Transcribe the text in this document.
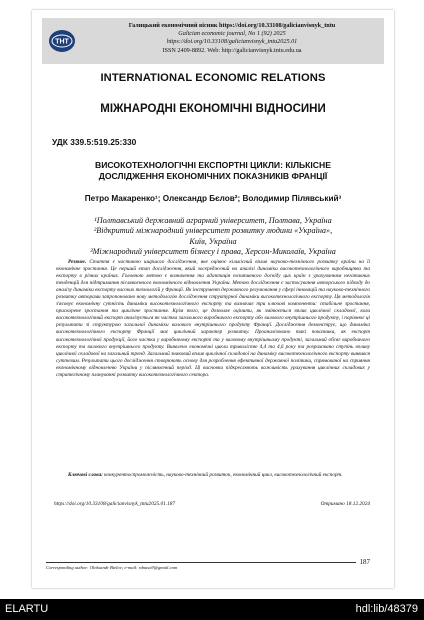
ТНТ
Галицький економічний вісник https://doi.org/10.33108/galicianvisnyk_tntu
Galician economic journal, No 1 (92) 2025
https://doi.org/10.33108/galicianvisnyk_tntu2025.01
ISSN 2409-8892. Web: http://galicianvisnyk.tntu.edu.ua
INTERNATIONAL ECONOMIC RELATIONS
МІЖНАРОДНІ ЕКОНОМІЧНІ ВІДНОСИНИ
УДК 339.5:519.25:330
ВИСОКОТЕХНОЛОГІЧНІ ЕКСПОРТНІ ЦИКЛИ: КІЛЬКІСНЕ
ДОСЛІДЖЕННЯ ЕКОНОМІЧНИХ ПОКАЗНИКІВ ФРАНЦІЇ
Петро Макаренко¹; Олександр Бєлов²; Володимир Пілявський³
¹Полтавський державний аграрний університет, Полтава, Україна
²Відкритий міжнародний університет розвитку людини «Україна»,
Київ, Україна
³Міжнародний університет бізнесу і права, Херсон-Миколаїв, Україна
Резюме. Стаття є частиною ширшого дослідження, яке оцінює кількісний вплив науково-технічного розвитку країни на її економічне зростання. Це перший етап дослідження, який зосереджений на аналізі динаміки високотехнологічного виробництва та експорту в різних країнах. Головною метою є визначення та адаптація позитивного досвіду цих країн з урахуванням негативних тенденцій для підтримання післявоєнного економічного відновлення України. Метою дослідження є застосування авторського підходу до аналізу динаміки експорту високих технологій у Франції. Як інструмент державного регулювання у сфері інновацій та науково-технічного розвитку авторами запропоновано нову методологію дослідження структурної динаміки високотехнологічного експорту. Ця методологія з'ясовує економічну сутність динаміки високотехнологічного експорту та визначає три ключові компоненти: стабільне зростання, прискорене зростання та циклічне зростання. Крім того, це дозволяє оцінити, як змінюється вплив циклічної складової, коли високотехнологічний експорт аналізується як частка загального виробничого експорту або валового внутрішнього продукту, і порівнює ці результати зі структурою загальної динаміки валового внутрішнього продукту Франції. Дослідження демонструє, що динаміка високотехнологічного експорту Франції має циклічний характер розвитку. Проаналізовано такі показники, як експорт високотехнологічної продукції, його частка у виробничому експорті та у валовому внутрішньому продукті, загальний обсяг виробничого експорту та валового внутрішнього продукту. Виявлено економічні цикли тривалістю 4,4 та 4,6 року та розраховано ступінь впливу циклічної складової на загальний тренд. Загальний знаковий вплив циклічної складової на динаміку високотехнологічного експорту виявився суттєвим. Результати цього дослідження створюють основу для розроблення ефективної державної політики, спрямованої на сприяння економічному відновленню України у післявоєнний період. Ці висновки підкреслюють важливість урахування циклічних складових у стратегічному плануванні розвитку високотехнологічного сектора.
Ключові слова: конкурентоспроможність, науково-технічний розвиток, економічний цикл, високотехнологічний експорт.
https://doi.org/10.33108/galicianvisnyk_tntu2025.01.187	Отримано 18.12.2024
Corresponding author: Oleksandr Bielov; e-mail: rdnaso9@gmail.com
187
ELARTU	hdl:lib/48379
